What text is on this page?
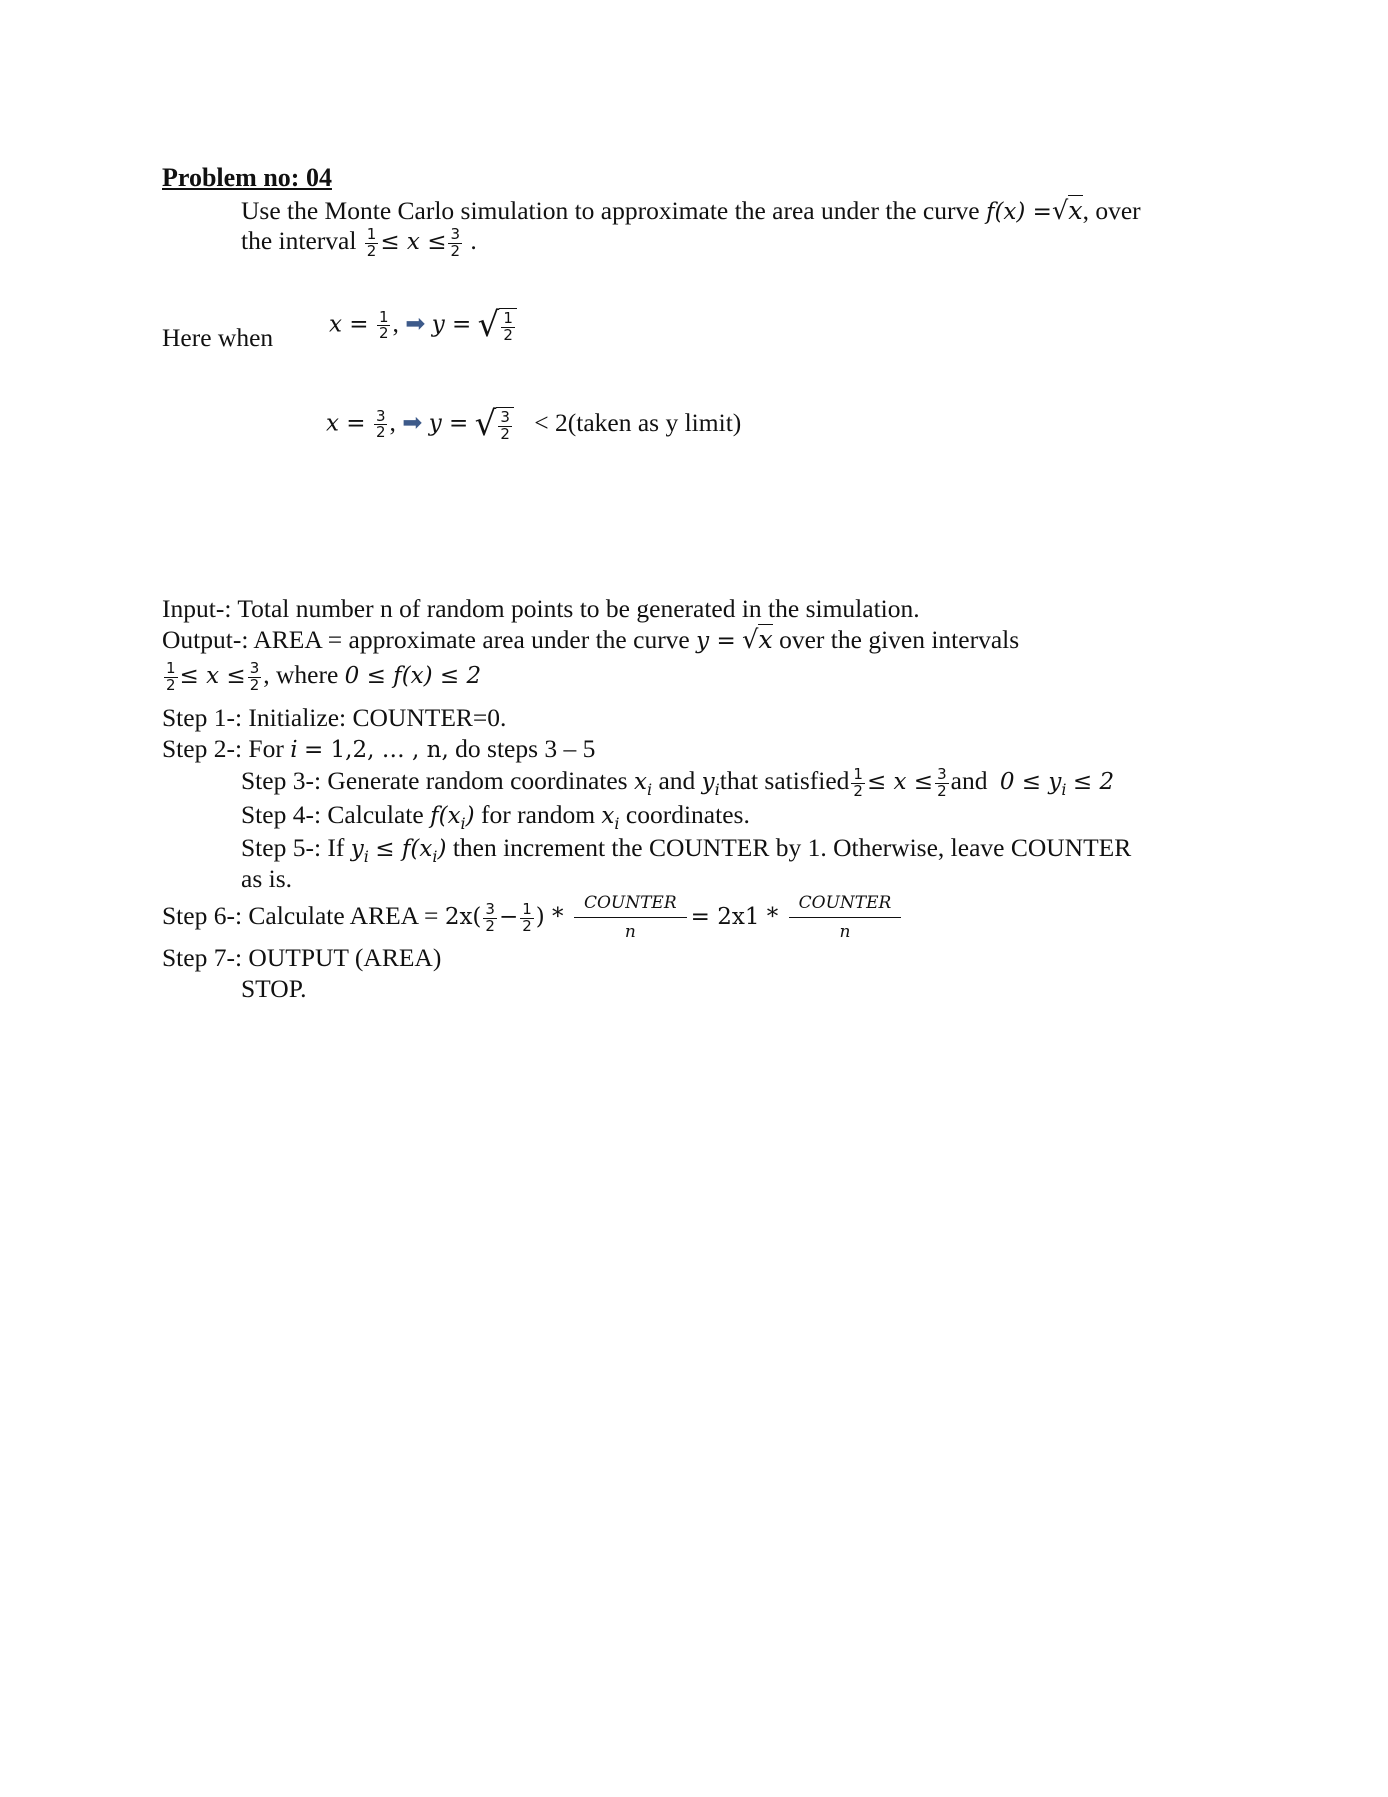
Problem no: 04
Use the Monte Carlo simulation to approximate the area under the curve f(x) =√x, over
the interval $\frac{1}{2} \le x \le \frac{3}{2}$ .
Here when $x = \frac{1}{2}$ , ➡ y = √ $\frac{1}{2}$
$x = \frac{3}{2}$ , ➡ y = √ $\frac{3}{2}$ < 2(taken as y limit)
Input-: Total number n of random points to be generated in the simulation.
Output-: AREA = approximate area under the curve y = √x over the given intervals
$\frac{1}{2} \le x \le \frac{3}{2}$ , where 0 ≤ f(x) ≤ 2
Step 1-: Initialize: COUNTER=0.
Step 2-: For i = 1,2, … , n, do steps 3 – 5
Step 3-: Generate random coordinates $x_i$ and $y_ithat$ satisfied $\frac{1}{2} \le x \le \frac{3}{2}$ and $0 \le y_i \le 2$
Step 4-: Calculate $f(x_i)$ for random $x_i$ coordinates.
Step 5-: If $y_i \le f(x_i)$ then increment the COUNTER by 1. Otherwise, leave COUNTER
as is.
Step 6-: Calculate AREA = $2x( \frac{3}{2} - \frac{1}{2}$ ) * $\frac{\text{COUNTER}}{n} = 2x1 * \frac{\text{COUNTER}}{n}$
Step 7-: OUTPUT (AREA)
STOP.
